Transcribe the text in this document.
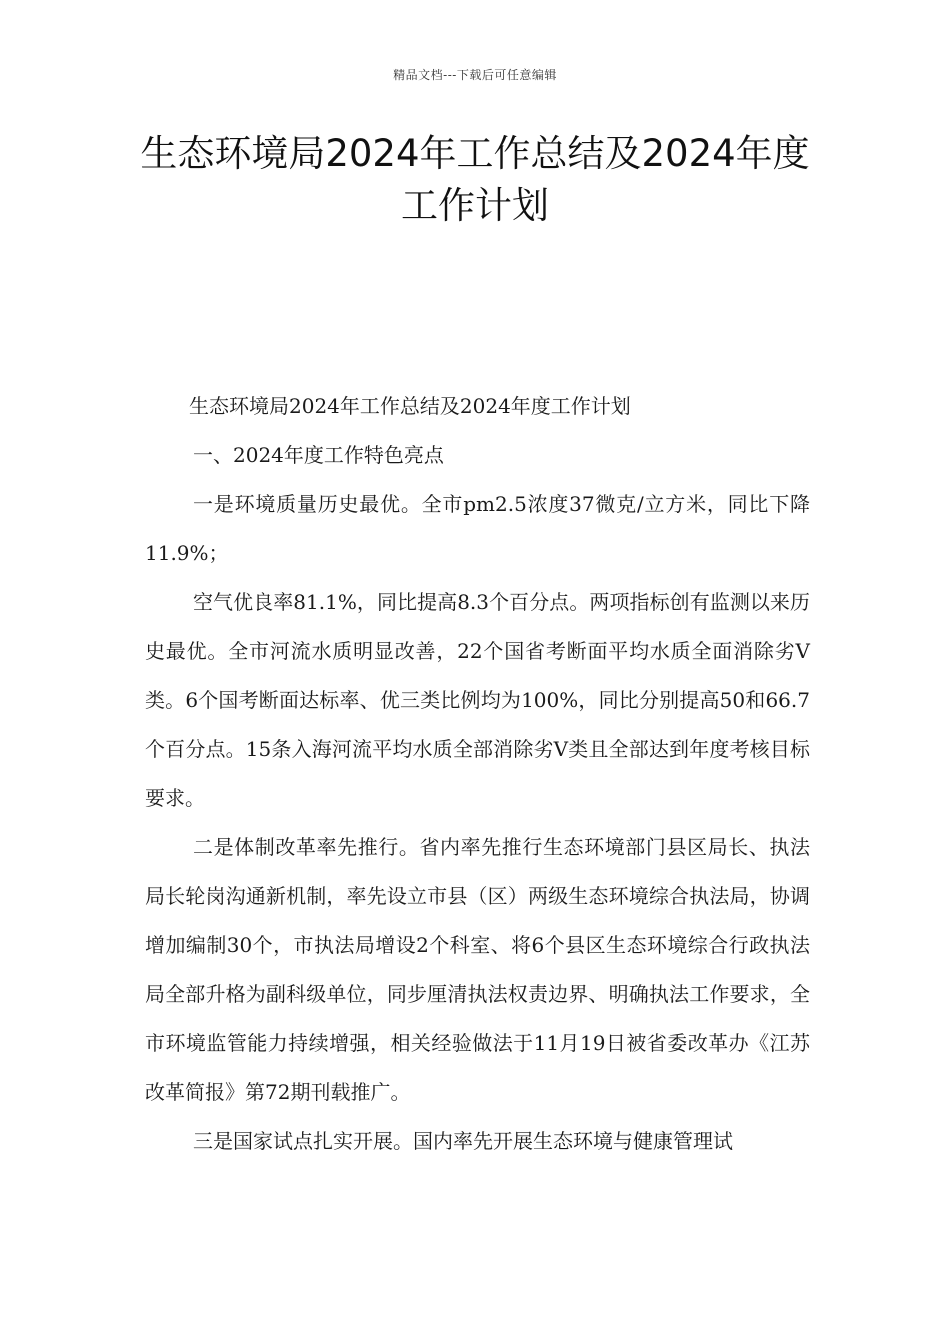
精品文档---下载后可任意编辑
生态环境局2024年工作总结及2024年度工作计划

生态环境局2024年工作总结及2024年度工作计划

一、2024年度工作特色亮点

一是环境质量历史最优。全市pm2.5浓度37微克/立方米，同比下降11.9%；

空气优良率81.1%，同比提高8.3个百分点。两项指标创有监测以来历史最优。全市河流水质明显改善，22个国省考断面平均水质全面消除劣Ⅴ类。6个国考断面达标率、优三类比例均为100%，同比分别提高50和66.7个百分点。15条入海河流平均水质全部消除劣Ⅴ类且全部达到年度考核目标要求。

二是体制改革率先推行。省内率先推行生态环境部门县区局长、执法局长轮岗沟通新机制，率先设立市县（区）两级生态环境综合执法局，协调增加编制30个，市执法局增设2个科室、将6个县区生态环境综合行政执法局全部升格为副科级单位，同步厘清执法权责边界、明确执法工作要求，全市环境监管能力持续增强，相关经验做法于11月19日被省委改革办《江苏改革简报》第72期刊载推广。

三是国家试点扎实开展。国内率先开展生态环境与健康管理试
